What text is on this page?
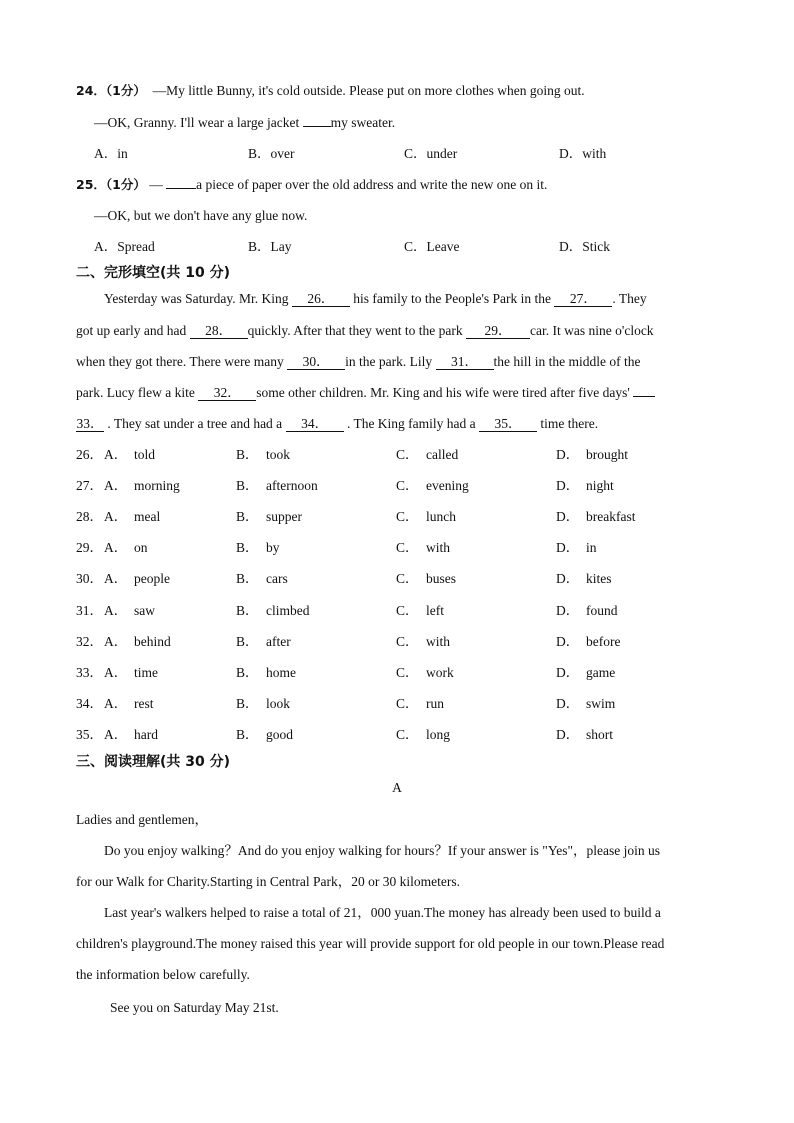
24．（1分） —My little Bunny, it's cold outside. Please put on more clothes when going out.
—OK, Granny. I'll wear a large jacket my sweater.
A．in	B．over	C．under	D．with
25．（1分） — a piece of paper over the old address and write the new one on it.
—OK, but we don't have any glue now.
A．Spread	B．Lay	C．Leave	D．Stick
二、完形填空(共 10 分)
Yesterday was Saturday. Mr. King 26． his family to the People's Park in the 27． . They
got up early and had 28． quickly. After that they went to the park 29． car. It was nine o'clock
when they got there. There were many 30． in the park. Lily 31． the hill in the middle of the
park. Lucy flew a kite 32． some other children. Mr. King and his wife were tired after five days'
33． . They sat under a tree and had a 34． . The King family had a 35． time there.
26． A． told	B． took	C． called	D． brought
27． A． morning	B． afternoon	C． evening	D． night
28． A． meal	B． supper	C． lunch	D． breakfast
29． A． on	B． by	C． with	D． in
30． A． people	B． cars	C． buses	D． kites
31． A． saw	B． climbed	C． left	D． found
32． A． behind	B． after	C． with	D． before
33． A． time	B． home	C． work	D． game
34． A． rest	B． look	C． run	D． swim
35． A． hard	B． good	C． long	D． short
三、阅读理解(共 30 分)
A
Ladies and gentlemen，
Do you enjoy walking？And do you enjoy walking for hours？If your answer is "Yes"，please join us
for our Walk for Charity.Starting in Central Park，20 or 30 kilometers.
Last year's walkers helped to raise a total of 21，000 yuan.The money has already been used to build a
children's playground.The money raised this year will provide support for old people in our town.Please read
the information below carefully.
See you on Saturday May 21st.
